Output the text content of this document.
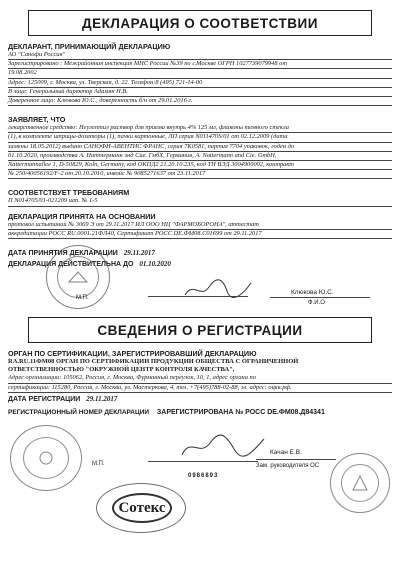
ДЕКЛАРАЦИЯ О СООТВЕТСТВИИ
ДЕКЛАРАНТ, ПРИНИМАЮЩИЙ ДЕКЛАРАЦИЮ
АО "Санофи Россия"
Зарегистрировано : Межрайонная инспекция МНС России №39 по г.Москве ОГРН 1027739079948 от
19.08.2002
Адрес: 125009, г. Москва, ул. Тверская, д. 22. Телефон:8 (495) 721-14-00
В лице: Генеральный директор Адамян Н.В.
Доверенное лицо: Клюкова Ю.С., доверенность б/н от 29.01.2016 г.
ЗАЯВЛЯЕТ, ЧТО
лекарственное средство: Неулептил раствор для приема внутрь 4% 125 мл, флаконы темного стекла
(1), в комплекте шприцы-дозаторы (1), пачки картонные, ЛП серия N011470S/01 от 02.12.2009 (дата
замены 18.05.2012) выдано САНОФИ-АВЕНТИС ФРАНС, серия 7К0581, партия 7704 упаковок, годен до
01.10.2020, производства А. Наттерманн энд Сие. ГмбХ, Германия, A. Nattermann and Cie. GmbH,
Nattermannallee 1, D-50829, Koln, Germany, код ОКПД2 21.20.10.235, код ТН ВЭД 3004900002, контракт
№ 250/40056192/F-2 от 20.10.2010, инвойс № 9085271637 от 23.11.2017
СООТВЕТСТВУЕТ ТРЕБОВАНИЯМ
П N014705/01-021209 шт. № 1-5
ДЕКЛАРАЦИЯ ПРИНЯТА НА ОСНОВАНИИ
протокол испытаний № 3069 Э от 29.11.2017 ИЛ ООО НЦ "ФАРМОБОРОНА", аттестат
аккредитации РОСС RU.0001.21ФЛ40, Сертификат РОСС DE.ФМ08.С01699 от 29.11.2017
ДАТА ПРИНЯТИЯ ДЕКЛАРАЦИИ 29.11.2017
ДЕКЛАРАЦИЯ ДЕЙСТВИТЕЛЬНА ДО 01.10.2020
М.П.
Клюкова Ю.С.
Ф.И.О
СВЕДЕНИЯ О РЕГИСТРАЦИИ
ОРГАН ПО СЕРТИФИКАЦИИ, ЗАРЕГИСТРИРОВАВШИЙ ДЕКЛАРАЦИЮ
RA.RU.11ФМ08 ОРГАН ПО СЕРТИФИКАЦИИ ПРОДУКЦИИ ОБЩЕСТВА С ОГРАНИЧЕННОЙ
ОТВЕТСТВЕННОСТЬЮ "ОКРУЖНОЙ ЦЕНТР КОНТРОЛЯ КАЧЕСТВА",
Адрес организации: 105062, Россия, г. Москва, Фурманный переулок, 10, 1, адрес органа по
сертификации: 115280, Россия, г. Москва, ул. Мастеркова, 4, тел. +7(495)788-02-88, эл. адрес: оцкк.рф.
ДАТА РЕГИСТРАЦИИ 29.11.2017
РЕГИСТРАЦИОННЫЙ НОМЕР ДЕКЛАРАЦИИ ЗАРЕГИСТРИРОВАНА № РОСС DE.ФМ08.Д84341
М.П.
Качан Е.В.
Зам. руководителя ОС
0986893
Сотекс
